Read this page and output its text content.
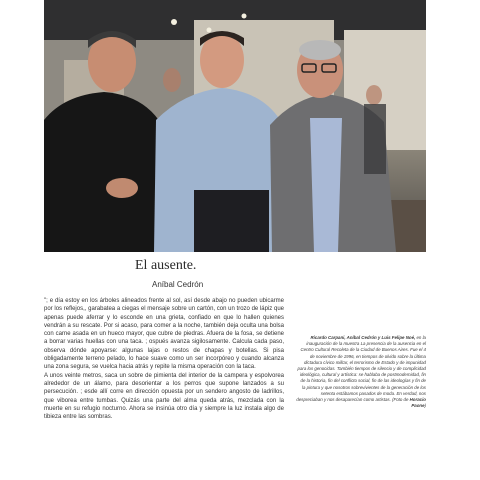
El ausente.
Aníbal Cedrón

"; e día estoy en los árboles alineados frente al sol, así desde abajo no pueden ubicarme por los reflejos,, garabatea a ciegas el mensaje sobre un cartón, con un trozo de lápiz que apenas puede aferrar y lo esconde en una grieta, confiado en que lo hallen quienes vendrán a su rescate. Por si acaso, para comer a la noche, también deja oculta una bolsa con carne asada en un hueco mayor, que cubre de piedras. Afuera de la fosa, se detiene a borrar varias huellas con una taca. ; ospués avanza sigilosamente. Calcula cada paso, observa dónde apoyarse: algunas lajas o restos de chapas y botellas. Si pisa obligadamente terreno pelado, lo hace suave como un ser incorpóreo y cuando alcanza una zona segura, se vuelca hacia atrás y repite la misma operación con la taca.

A unos veinte metros, saca un sobre de pimienta del interior de la campera y espolvorea alrededor de un álamo, para desorientar a los perros que supone lanzados a su persecución. ; esde allí corre en dirección opuesta por un sendero angosto de ladrillos, que viborea entre tumbas. Quizás una parte del alma queda atrás, mezclada con la muerte en su refugio nocturno. Ahora se insinúa otro día y siempre la luz instala algo de tibieza entre las sombras.

Ricardo Carpani, Aníbal Cedrón y Luis Felipe Noé, en la inauguración de la muestra La presencia de la ausencia en el Centro Cultural Recoleta de la Ciudad de Buenos Aires. Fue el 4 de noviembre de 1996, en tiempos de olvido sobre la última dictadura cívico militar, el terrorismo de Estado y de impunidad para los genocidas. También tiempos de silencio y de complicidad ideológica, cultural y artística: se hablaba de postmodernidad, fin de la historia, fin del conflicto social, fin de las ideologías y fin de la pintura y que nosotros sobrevivientes de la generación de los setenta estábamos pasados de moda. En verdad, nos despreciaban y nos desaparecían como artistas. (Foto de Horacio Paone)
